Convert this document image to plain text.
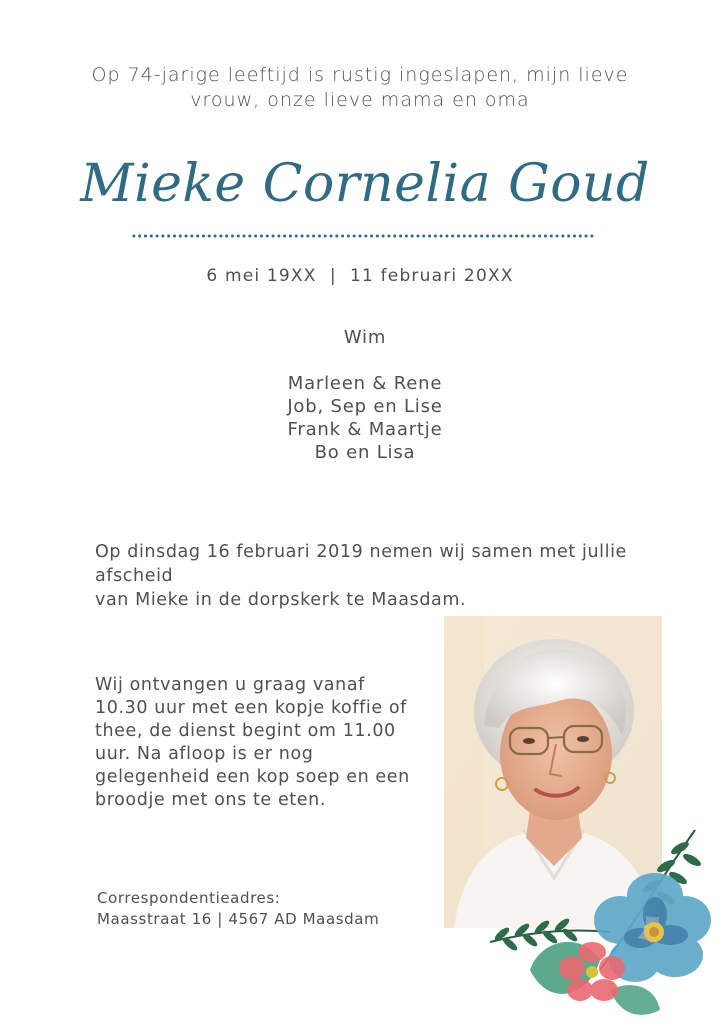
Op 74-jarige leeftijd is rustig ingeslapen, mijn lieve
vrouw, onze lieve mama en oma
Mieke Cornelia Goud
6 mei 19XX  |  11 februari 20XX
Wim
Marleen & Rene
Job, Sep en Lise
Frank & Maartje
Bo en Lisa
Op dinsdag 16 februari 2019 nemen wij samen met jullie afscheid
van Mieke in de dorpskerk te Maasdam.
Wij ontvangen u graag vanaf
10.30 uur met een kopje koffie of
thee, de dienst begint om 11.00
uur. Na afloop is er nog
gelegenheid een kop soep en een
broodje met ons te eten.
Correspondentieadres:
Maasstraat 16 | 4567 AD Maasdam
